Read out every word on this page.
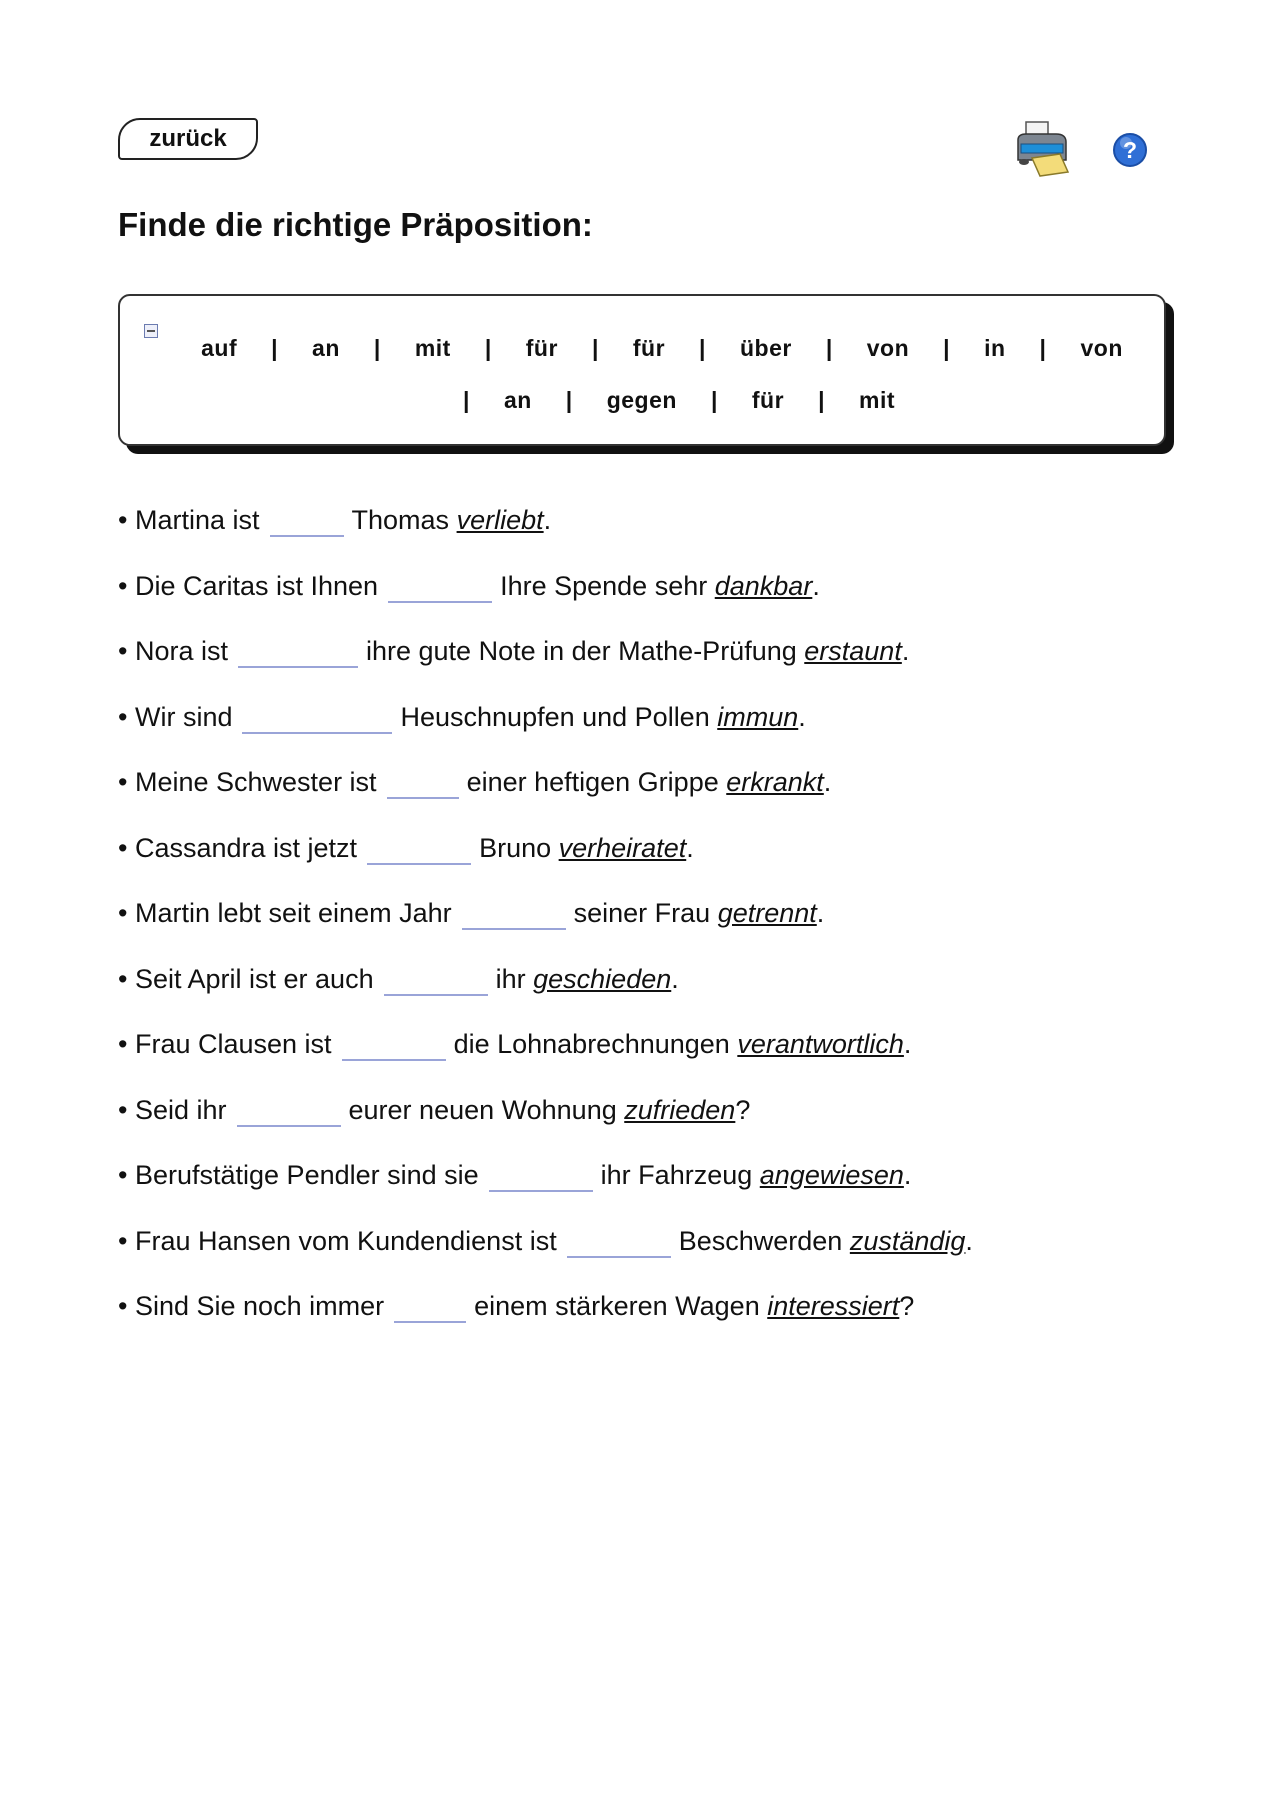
zurück	?
Finde die richtige Präposition:
auf | an | mit | für | für | über | von | in | von| an | gegen | für | mit
• Martina ist	Thomas verliebt.
• Die Caritas ist Ihnen	Ihre Spende sehr dankbar.
• Nora ist	ihre gute Note in der Mathe-Prüfung erstaunt.
• Wir sind	Heuschnupfen und Pollen immun.
• Meine Schwester ist	einer heftigen Grippe erkrankt.
• Cassandra ist jetzt	Bruno verheiratet.
• Martin lebt seit einem Jahr	seiner Frau getrennt.
• Seit April ist er auch	ihr geschieden.
• Frau Clausen ist	die Lohnabrechnungen verantwortlich.
• Seid ihr	eurer neuen Wohnung zufrieden?
• Berufstätige Pendler sind sie	ihr Fahrzeug angewiesen.
• Frau Hansen vom Kundendienst ist	Beschwerden zuständig.
• Sind Sie noch immer	einem stärkeren Wagen interessiert?
